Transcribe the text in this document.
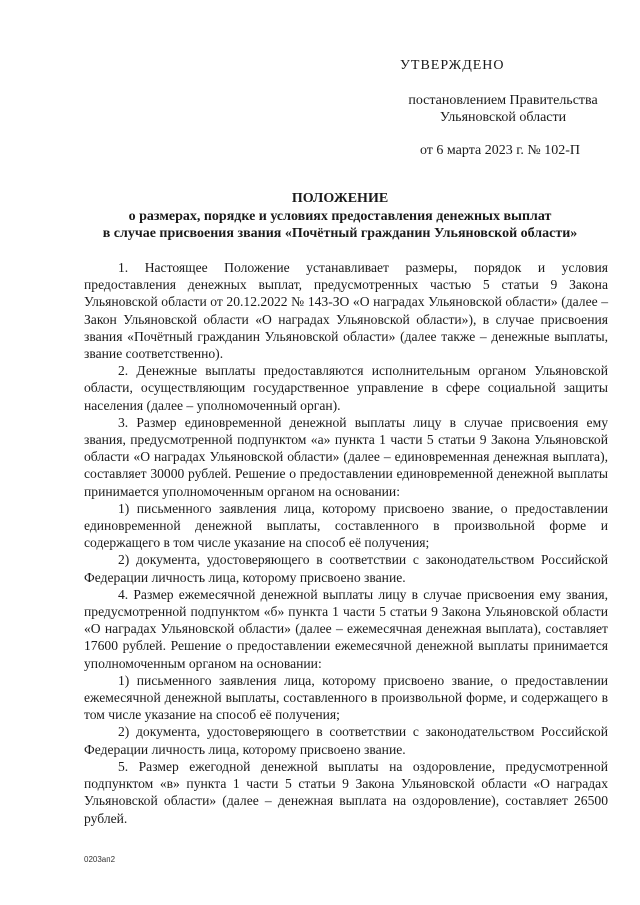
УТВЕРЖДЕНО
постановлением Правительства
Ульяновской области
от 6 марта 2023 г. № 102-П
ПОЛОЖЕНИЕ
о размерах, порядке и условиях предоставления денежных выплат
в случае присвоения звания «Почётный гражданин Ульяновской области»

1. Настоящее Положение устанавливает размеры, порядок и условия предоставления денежных выплат, предусмотренных частью 5 статьи 9 Закона Ульяновской области от 20.12.2022 № 143-ЗО «О наградах Ульяновской области» (далее – Закон Ульяновской области «О наградах Ульяновской области»), в случае присвоения звания «Почётный гражданин Ульяновской области» (далее также – денежные выплаты, звание соответственно).

2. Денежные выплаты предоставляются исполнительным органом Ульяновской области, осуществляющим государственное управление в сфере социальной защиты населения (далее – уполномоченный орган).

3. Размер единовременной денежной выплаты лицу в случае присвоения ему звания, предусмотренной подпунктом «а» пункта 1 части 5 статьи 9 Закона Ульяновской области «О наградах Ульяновской области» (далее – единовременная денежная выплата), составляет 30000 рублей. Решение о предоставлении единовременной денежной выплаты принимается уполномоченным органом на основании:

1) письменного заявления лица, которому присвоено звание, о предоставлении единовременной денежной выплаты, составленного в произвольной форме и содержащего в том числе указание на способ её получения;

2) документа, удостоверяющего в соответствии с законодательством Российской Федерации личность лица, которому присвоено звание.

4. Размер ежемесячной денежной выплаты лицу в случае присвоения ему звания, предусмотренной подпунктом «б» пункта 1 части 5 статьи 9 Закона Ульяновской области «О наградах Ульяновской области» (далее – ежемесячная денежная выплата), составляет 17600 рублей. Решение о предоставлении ежемесячной денежной выплаты принимается уполномоченным органом на основании:

1) письменного заявления лица, которому присвоено звание, о предоставлении ежемесячной денежной выплаты, составленного в произвольной форме, и содержащего в том числе указание на способ её получения;

2) документа, удостоверяющего в соответствии с законодательством Российской Федерации личность лица, которому присвоено звание.

5. Размер ежегодной денежной выплаты на оздоровление, предусмотренной подпунктом «в» пункта 1 части 5 статьи 9 Закона Ульяновской области «О наградах Ульяновской области» (далее – денежная выплата на оздоровление), составляет 26500 рублей.

0203ап2
